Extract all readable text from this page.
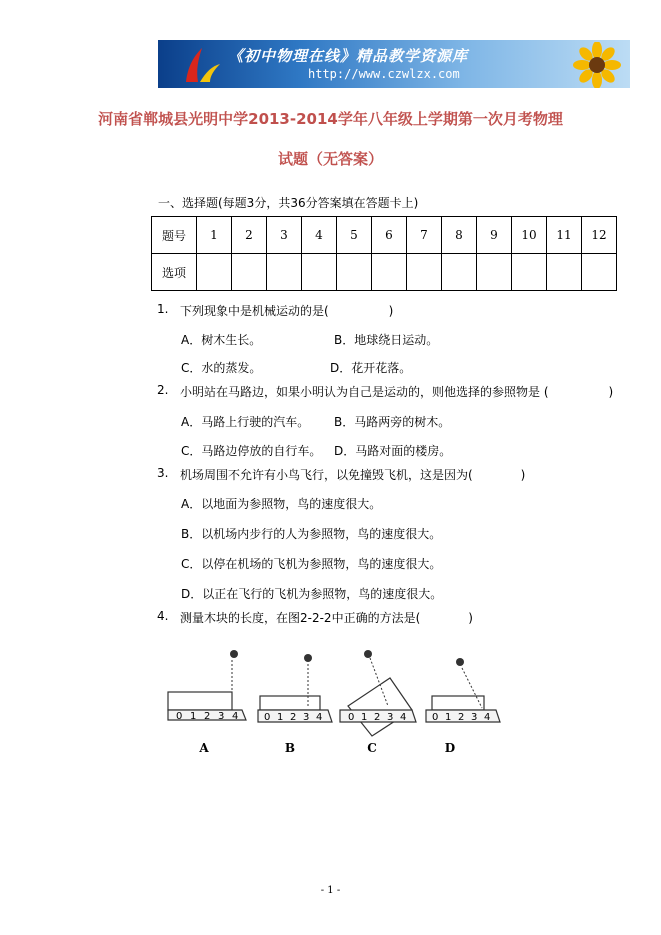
《初中物理在线》精品教学资源库
http://www.czwlzx.com
河南省郸城县光明中学2013-2014学年八年级上学期第一次月考物理
试题（无答案）
一、选择题(每题3分，共36分答案填在答题卡上)
题号	1	2	3	4	5	6	7	8	9	10	11	12
选项												
1. 下列现象中是机械运动的是(　　　　　)
A．树木生长。	B．地球绕日运动。
C．水的蒸发。	D．花开花落。
2. 小明站在马路边，如果小明认为自己是运动的，则他选择的参照物是 (　　　　　)
A．马路上行驶的汽车。 B．马路两旁的树木。
C．马路边停放的自行车。 D．马路对面的楼房。
3. 机场周围不允许有小鸟飞行，以免撞毁飞机，这是因为(　　　　)
A．以地面为参照物，鸟的速度很大。
B．以机场内步行的人为参照物，鸟的速度很大。
C．以停在机场的飞机为参照物，鸟的速度很大。
D．以正在飞行的飞机为参照物，鸟的速度很大。
4. 测量木块的长度，在图2-2-2中正确的方法是(　　　　)
0 1 2 3 4
A
0 1 2 3 4
B
0 1 2 3 4
C
0 1 2 3 4
D
- 1 -
